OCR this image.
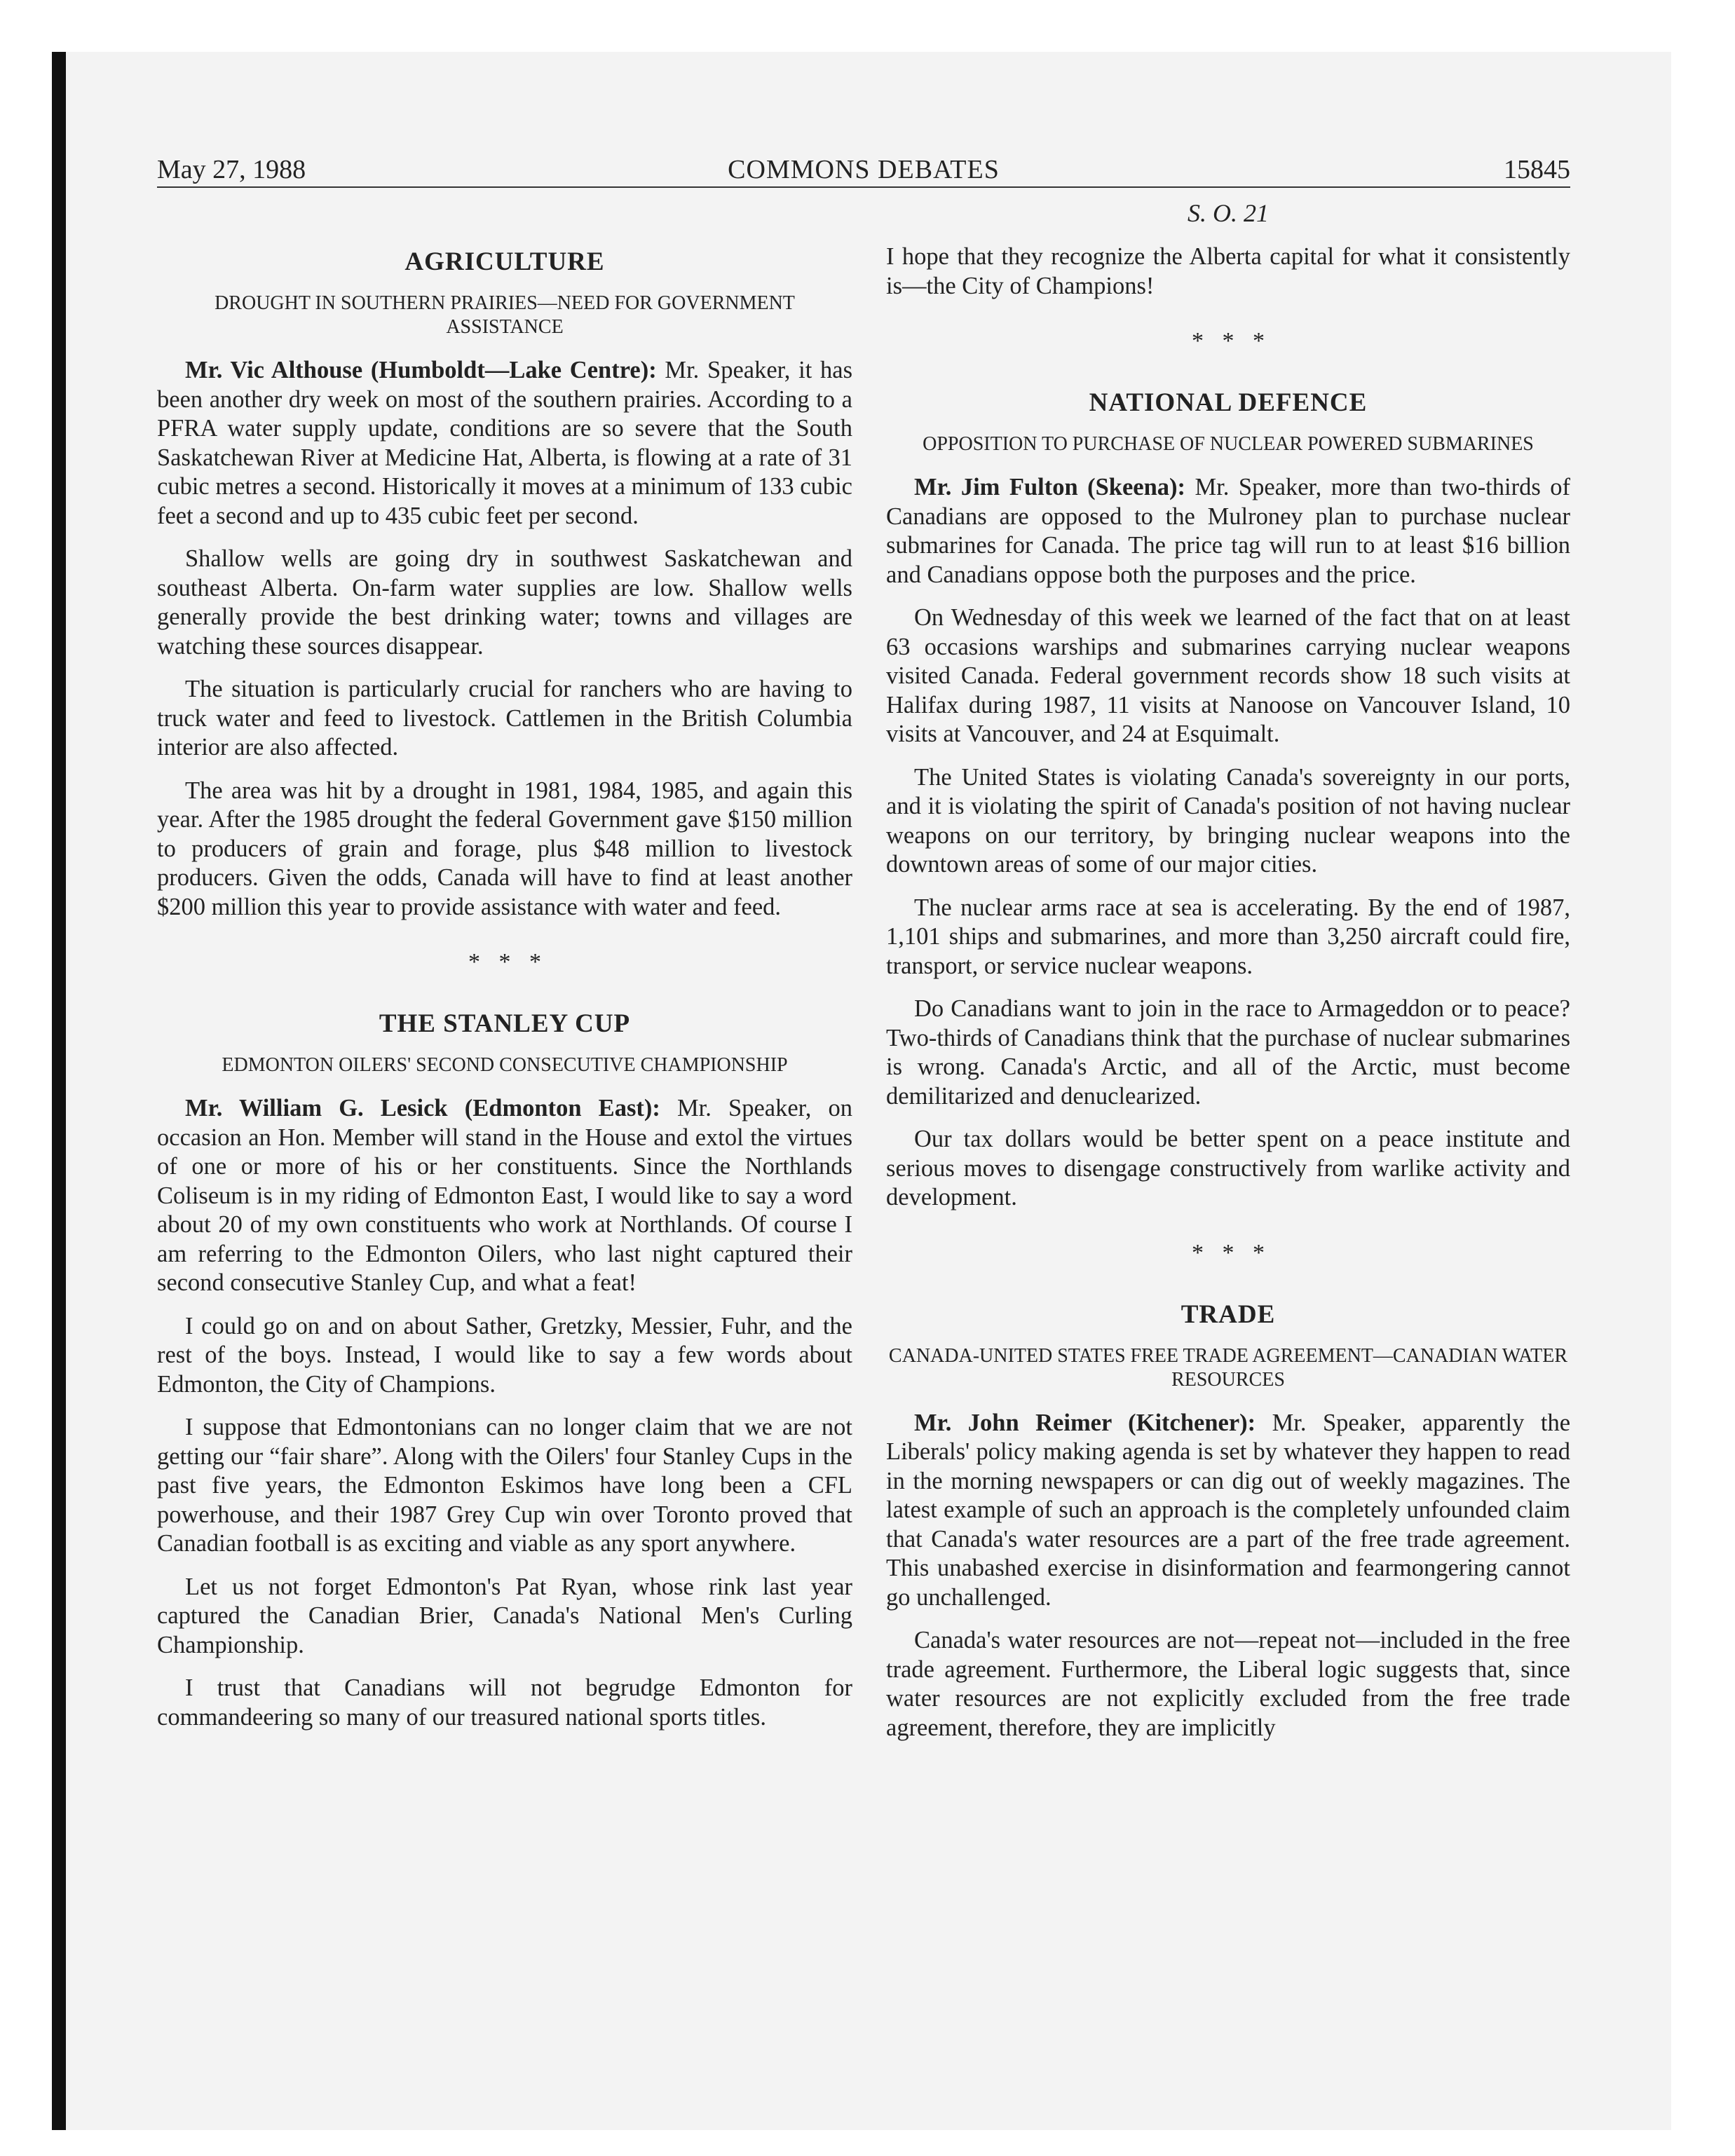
May 27, 1988	COMMONS DEBATES	15845
AGRICULTURE
DROUGHT IN SOUTHERN PRAIRIES—NEED FOR GOVERNMENT ASSISTANCE

Mr. Vic Althouse (Humboldt—Lake Centre): Mr. Speaker, it has been another dry week on most of the southern prairies. According to a PFRA water supply update, conditions are so severe that the South Saskatchewan River at Medicine Hat, Alberta, is flowing at a rate of 31 cubic metres a second. Historically it moves at a minimum of 133 cubic feet a second and up to 435 cubic feet per second.

Shallow wells are going dry in southwest Saskatchewan and southeast Alberta. On-farm water supplies are low. Shallow wells generally provide the best drinking water; towns and villages are watching these sources disappear.

The situation is particularly crucial for ranchers who are having to truck water and feed to livestock. Cattlemen in the British Columbia interior are also affected.

The area was hit by a drought in 1981, 1984, 1985, and again this year. After the 1985 drought the federal Government gave $150 million to producers of grain and forage, plus $48 million to livestock producers. Given the odds, Canada will have to find at least another $200 million this year to provide assistance with water and feed.

* * *
THE STANLEY CUP
EDMONTON OILERS' SECOND CONSECUTIVE CHAMPIONSHIP

Mr. William G. Lesick (Edmonton East): Mr. Speaker, on occasion an Hon. Member will stand in the House and extol the virtues of one or more of his or her constituents. Since the Northlands Coliseum is in my riding of Edmonton East, I would like to say a word about 20 of my own constituents who work at Northlands. Of course I am referring to the Edmonton Oilers, who last night captured their second consecutive Stanley Cup, and what a feat!

I could go on and on about Sather, Gretzky, Messier, Fuhr, and the rest of the boys. Instead, I would like to say a few words about Edmonton, the City of Champions.

I suppose that Edmontonians can no longer claim that we are not getting our “fair share”. Along with the Oilers' four Stanley Cups in the past five years, the Edmonton Eskimos have long been a CFL powerhouse, and their 1987 Grey Cup win over Toronto proved that Canadian football is as exciting and viable as any sport anywhere.

Let us not forget Edmonton's Pat Ryan, whose rink last year captured the Canadian Brier, Canada's National Men's Curling Championship.

I trust that Canadians will not begrudge Edmonton for commandeering so many of our treasured national sports titles.

S. O. 21

I hope that they recognize the Alberta capital for what it consistently is—the City of Champions!

* * *
NATIONAL DEFENCE
OPPOSITION TO PURCHASE OF NUCLEAR POWERED SUBMARINES

Mr. Jim Fulton (Skeena): Mr. Speaker, more than two-thirds of Canadians are opposed to the Mulroney plan to purchase nuclear submarines for Canada. The price tag will run to at least $16 billion and Canadians oppose both the purposes and the price.

On Wednesday of this week we learned of the fact that on at least 63 occasions warships and submarines carrying nuclear weapons visited Canada. Federal government records show 18 such visits at Halifax during 1987, 11 visits at Nanoose on Vancouver Island, 10 visits at Vancouver, and 24 at Esquimalt.

The United States is violating Canada's sovereignty in our ports, and it is violating the spirit of Canada's position of not having nuclear weapons on our territory, by bringing nuclear weapons into the downtown areas of some of our major cities.

The nuclear arms race at sea is accelerating. By the end of 1987, 1,101 ships and submarines, and more than 3,250 aircraft could fire, transport, or service nuclear weapons.

Do Canadians want to join in the race to Armageddon or to peace? Two-thirds of Canadians think that the purchase of nuclear submarines is wrong. Canada's Arctic, and all of the Arctic, must become demilitarized and denuclearized.

Our tax dollars would be better spent on a peace institute and serious moves to disengage constructively from warlike activity and development.

* * *
TRADE
CANADA-UNITED STATES FREE TRADE AGREEMENT—CANADIAN WATER RESOURCES

Mr. John Reimer (Kitchener): Mr. Speaker, apparently the Liberals' policy making agenda is set by whatever they happen to read in the morning newspapers or can dig out of weekly magazines. The latest example of such an approach is the completely unfounded claim that Canada's water resources are a part of the free trade agreement. This unabashed exercise in disinformation and fearmongering cannot go unchallenged.

Canada's water resources are not—repeat not—included in the free trade agreement. Furthermore, the Liberal logic suggests that, since water resources are not explicitly excluded from the free trade agreement, therefore, they are implicitly
